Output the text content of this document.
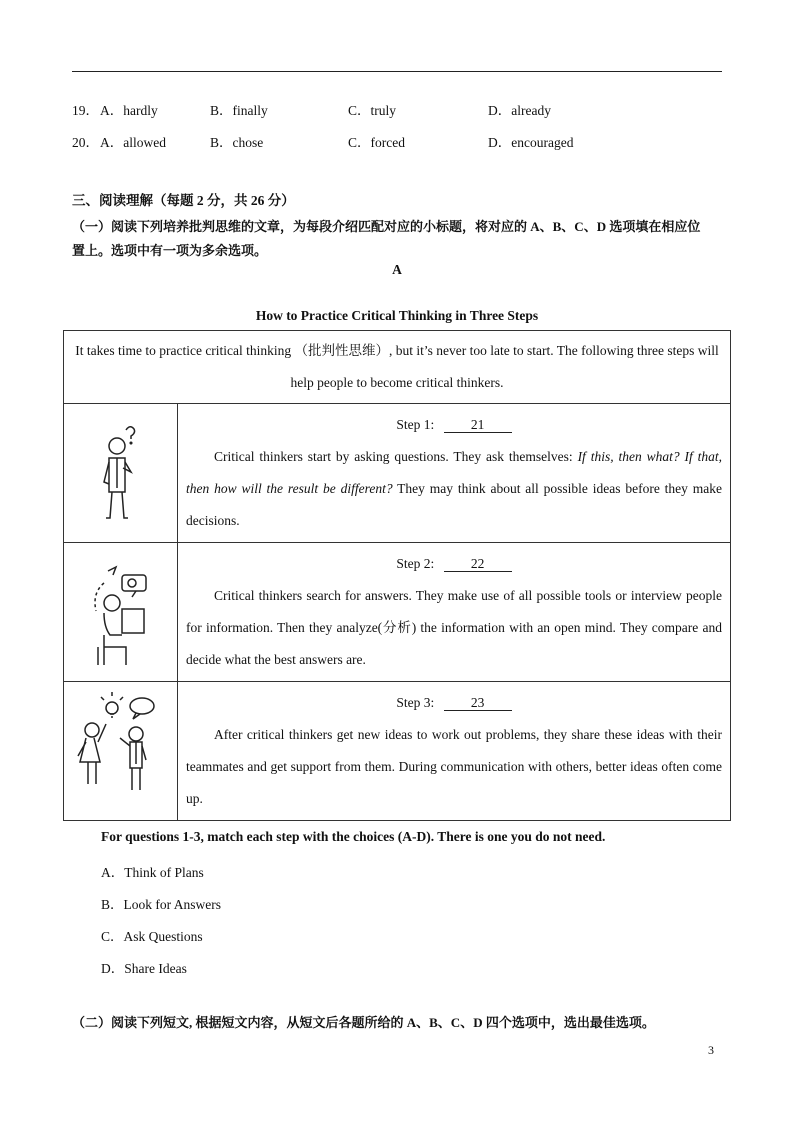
19． A．hardly	B．finally	C．truly	D．already
20． A．allowed	B．chose	C．forced	D．encouraged
三、阅读理解（每题 2 分，共 26 分）
（一）阅读下列培养批判思维的文章，为每段介绍匹配对应的小标题，将对应的 A、B、C、D 选项填在相应位
置上。选项中有一项为多余选项。
A
How to Practice Critical Thinking in Three Steps
It takes time to practice critical thinking （批判性思维）, but it’s never too late to start. The following three steps will help people to become critical thinkers.	

Step 1: 21
Critical thinkers start by asking questions. They ask themselves: If this, then what? If that, then how will the result be different? They may think about all possible ideas before they make decisions.

Step 2: 22
Critical thinkers search for answers. They make use of all possible tools or interview people for information. Then they analyze(分析) the information with an open mind. They compare and decide what the best answers are.

Step 3: 23
After critical thinkers get new ideas to work out problems, they share these ideas with their teammates and get support from them. During communication with others, better ideas often come up.
For questions 1-3, match each step with the choices (A-D). There is one you do not need.
A．Think of Plans
B．Look for Answers
C．Ask Questions
D．Share Ideas
（二）阅读下列短文, 根据短文内容，从短文后各题所给的 A、B、C、D 四个选项中，选出最佳选项。
3
